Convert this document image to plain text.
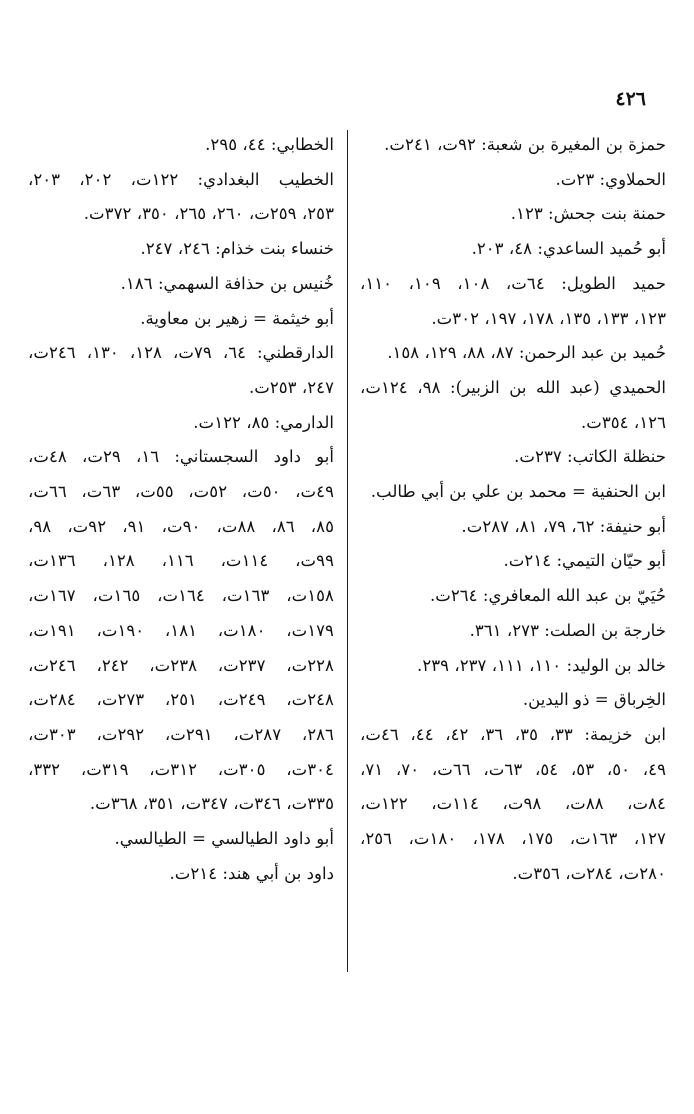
٤٢٦
حمزة بن المغيرة بن شعبة: ٩٢ت، ٢٤١ت.
الحملاوي: ٢٣ت.
حمنة بنت جحش: ١٢٣.
أبو حُميد الساعدي: ٤٨، ٢٠٣.
حميد الطويل: ٦٤ت، ١٠٨، ١٠٩، ١١٠،
١٢٣، ١٣٣، ١٣٥، ١٧٨، ١٩٧، ٣٠٢ت.
حُميد بن عبد الرحمن: ٨٧، ٨٨، ١٢٩، ١٥٨.
الحميدي (عبد الله بن الزبير): ٩٨، ١٢٤ت،
١٢٦، ٣٥٤ت.
حنظلة الكاتب: ٢٣٧ت.
ابن الحنفية = محمد بن علي بن أبي طالب.
أبو حنيفة: ٦٢، ٧٩، ٨١، ٢٨٧ت.
أبو حيّان التيمي: ٢١٤ت.
حُيَيّ بن عبد الله المعافري: ٢٦٤ت.
خارجة بن الصلت: ٢٧٣، ٣٦١.
خالد بن الوليد: ١١٠، ١١١، ٢٣٧، ٢٣٩.
الخِرباق = ذو اليدين.
ابن خزيمة: ٣٣، ٣٥، ٣٦، ٤٢، ٤٤، ٤٦ت،
٤٩، ٥٠، ٥٣، ٥٤، ٦٣ت، ٦٦ت، ٧٠، ٧١،
٨٤ت، ٨٨ت، ٩٨ت، ١١٤ت، ١٢٢ت،
١٢٧، ١٦٣ت، ١٧٥، ١٧٨، ١٨٠ت، ٢٥٦،
٢٨٠ت، ٢٨٤ت، ٣٥٦ت.
الخطابي: ٤٤، ٢٩٥.
الخطيب البغدادي: ١٢٢ت، ٢٠٢، ٢٠٣،
٢٥٣، ٢٥٩ت، ٢٦٠، ٢٦٥، ٣٥٠، ٣٧٢ت.
خنساء بنت خذام: ٢٤٦، ٢٤٧.
خُنيس بن حذافة السهمي: ١٨٦.
أبو خيثمة = زهير بن معاوية.
الدارقطني: ٦٤، ٧٩ت، ١٢٨، ١٣٠، ٢٤٦ت،
٢٤٧، ٢٥٣ت.
الدارمي: ٨٥، ١٢٢ت.
أبو داود السجستاني: ١٦، ٢٩ت، ٤٨ت،
٤٩ت، ٥٠ت، ٥٢ت، ٥٥ت، ٦٣ت، ٦٦ت،
٨٥، ٨٦، ٨٨ت، ٩٠ت، ٩١، ٩٢ت، ٩٨،
٩٩ت، ١١٤ت، ١١٦، ١٢٨، ١٣٦ت،
١٥٨ت، ١٦٣ت، ١٦٤ت، ١٦٥ت، ١٦٧ت،
١٧٩ت، ١٨٠ت، ١٨١، ١٩٠ت، ١٩١ت،
٢٢٨ت، ٢٣٧ت، ٢٣٨ت، ٢٤٢، ٢٤٦ت،
٢٤٨ت، ٢٤٩ت، ٢٥١، ٢٧٣ت، ٢٨٤ت،
٢٨٦، ٢٨٧ت، ٢٩١ت، ٢٩٢ت، ٣٠٣ت،
٣٠٤ت، ٣٠٥ت، ٣١٢ت، ٣١٩ت، ٣٣٢،
٣٣٥ت، ٣٤٦ت، ٣٤٧ت، ٣٥١، ٣٦٨ت.
أبو داود الطيالسي = الطيالسي.
داود بن أبي هند: ٢١٤ت.
